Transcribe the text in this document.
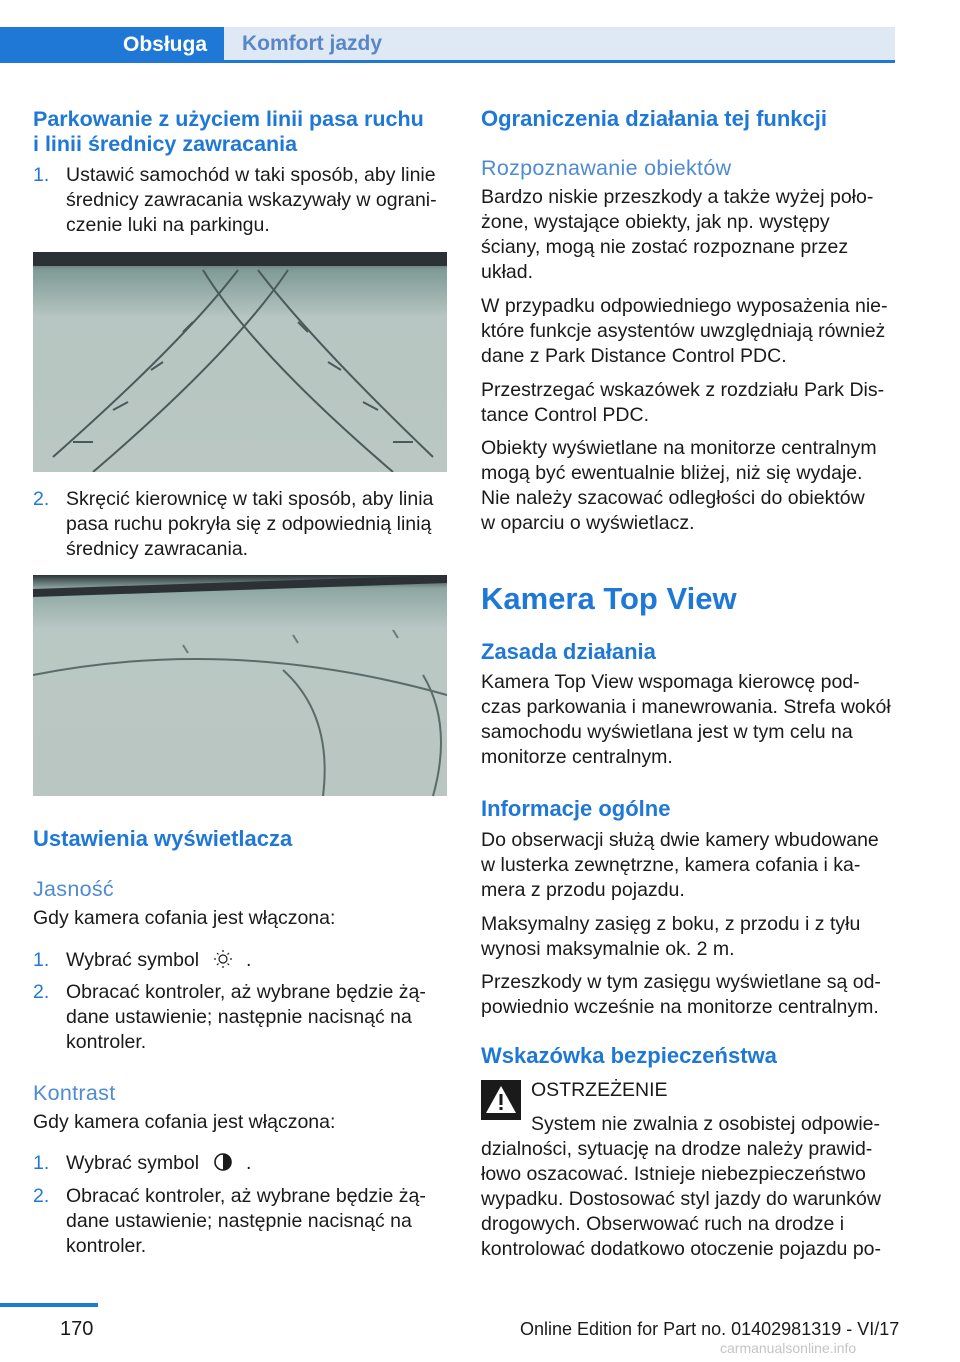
Obsługa	Komfort jazdy
Parkowanie z użyciem linii pasa ruchu
i linii średnicy zawracania
1. Ustawić samochód w taki sposób, aby linie
średnicy zawracania wskazywały w ograni‐
czenie luki na parkingu.
2. Skręcić kierownicę w taki sposób, aby linia
pasa ruchu pokryła się z odpowiednią linią
średnicy zawracania.
Ustawienia wyświetlacza
Jasność
Gdy kamera cofania jest włączona:
1. Wybrać symbol .
2. Obracać kontroler, aż wybrane będzie żą‐
dane ustawienie; następnie nacisnąć na
kontroler.
Kontrast
Gdy kamera cofania jest włączona:
1. Wybrać symbol .
2. Obracać kontroler, aż wybrane będzie żą‐
dane ustawienie; następnie nacisnąć na
kontroler.
Ograniczenia działania tej funkcji
Rozpoznawanie obiektów
Bardzo niskie przeszkody a także wyżej poło‐
żone, wystające obiekty, jak np. występy
ściany, mogą nie zostać rozpoznane przez
układ.
W przypadku odpowiedniego wyposażenia nie‐
które funkcje asystentów uwzględniają również
dane z Park Distance Control PDC.
Przestrzegać wskazówek z rozdziału Park Dis‐
tance Control PDC.
Obiekty wyświetlane na monitorze centralnym
mogą być ewentualnie bliżej, niż się wydaje.
Nie należy szacować odległości do obiektów
w oparciu o wyświetlacz.
Kamera Top View
Zasada działania
Kamera Top View wspomaga kierowcę pod‐
czas parkowania i manewrowania. Strefa wokół
samochodu wyświetlana jest w tym celu na
monitorze centralnym.
Informacje ogólne
Do obserwacji służą dwie kamery wbudowane
w lusterka zewnętrzne, kamera cofania i ka‐
mera z przodu pojazdu.
Maksymalny zasięg z boku, z przodu i z tyłu
wynosi maksymalnie ok. 2 m.
Przeszkody w tym zasięgu wyświetlane są od‐
powiednio wcześnie na monitorze centralnym.
Wskazówka bezpieczeństwa
OSTRZEŻENIE
System nie zwalnia z osobistej odpowie‐
dzialności, sytuację na drodze należy prawid‐
łowo oszacować. Istnieje niebezpieczeństwo
wypadku. Dostosować styl jazdy do warunków
drogowych. Obserwować ruch na drodze i
kontrolować dodatkowo otoczenie pojazdu po‐
170	Online Edition for Part no. 01402981319 - VI/17
carmanualsonline.info
